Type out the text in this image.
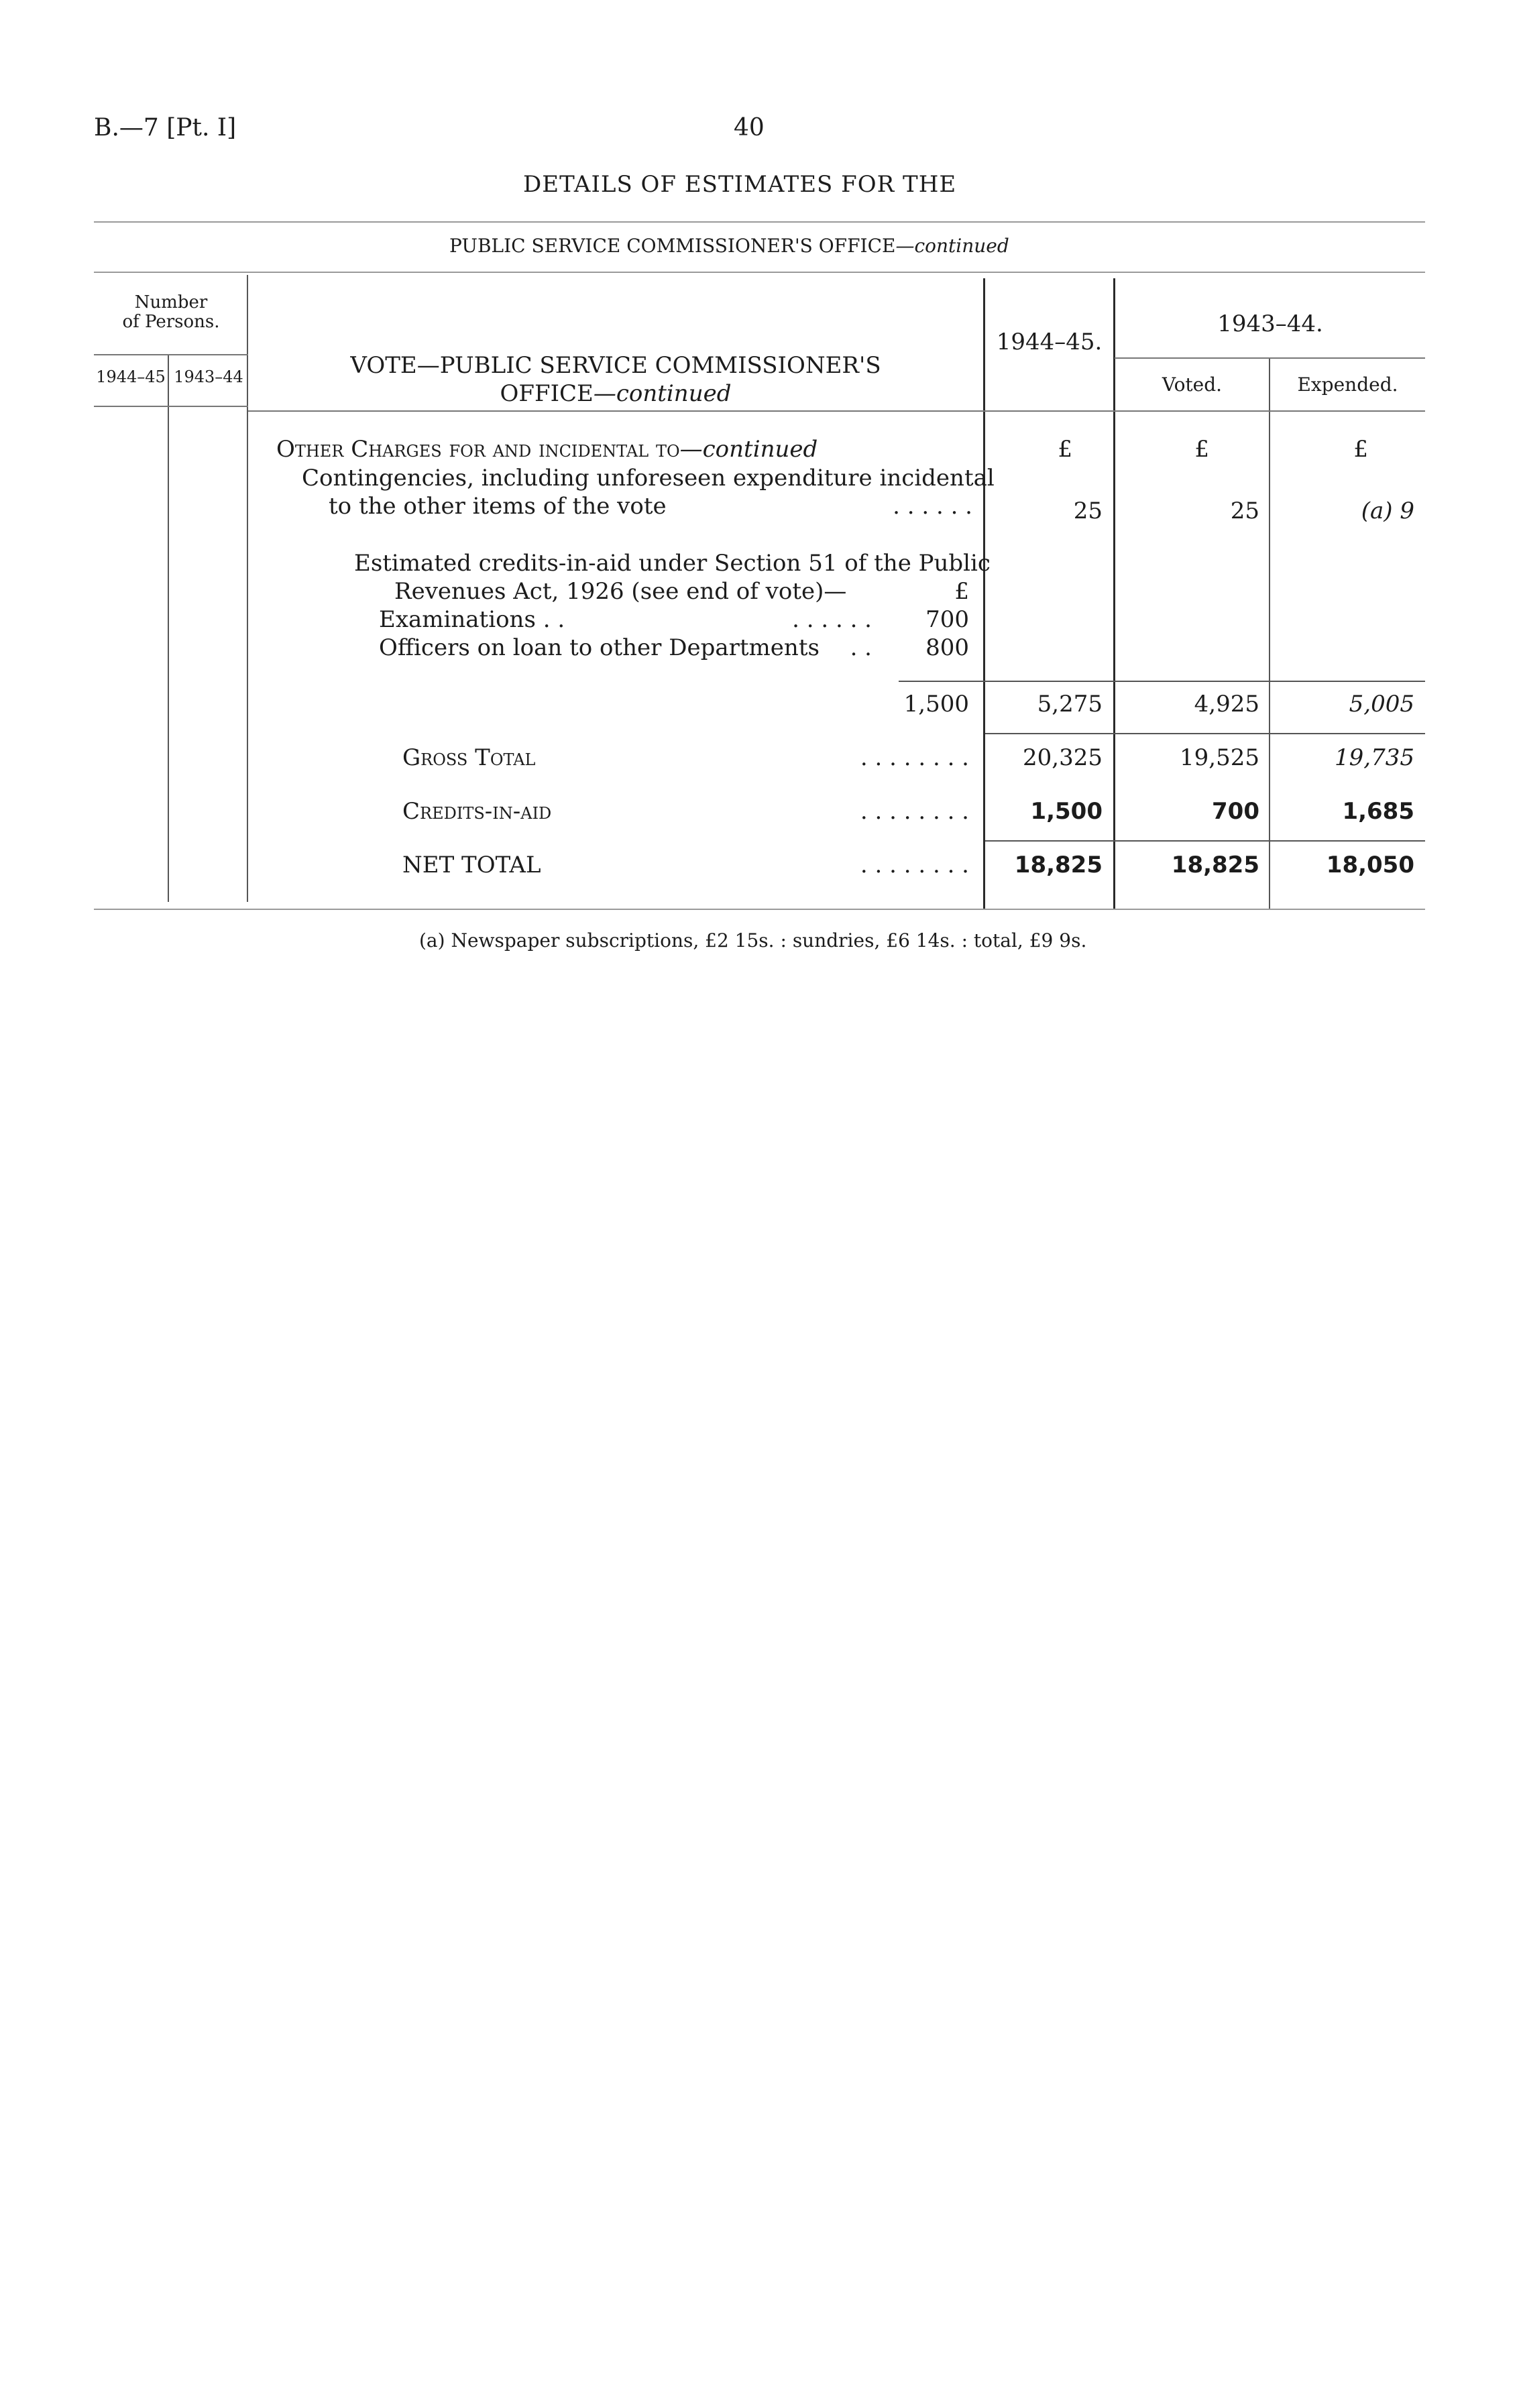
B.—7 [Pt. I]	40
DETAILS OF ESTIMATES FOR THE
PUBLIC SERVICE COMMISSIONER'S OFFICE—continued
Number
of Persons.
1944–45 1943–44	VOTE—PUBLIC SERVICE COMMISSIONER'S
OFFICE—continued
1944–45.
1943–44.
Voted.	Expended.
Other Charges for and incidental to—continued	£	£	£
Contingencies, including unforeseen expenditure incidental
to the other items of the vote	. . . . . .	25	25	(a) 9
Estimated credits-in-aid under Section 51 of the Public
Revenues Act, 1926 (see end of vote)—	£
Examinations . .	. . . . . .	700
Officers on loan to other Departments	. .	800
1,500	5,275	4,925	5,005
Gross Total	. . . . . . . .	20,325	19,525	19,735
Credits-in-aid	. . . . . . . .	1,500	700	1,685
NET TOTAL	. . . . . . . .	18,825	18,825	18,050
(a) Newspaper subscriptions, £2 15s. : sundries, £6 14s. : total, £9 9s.
